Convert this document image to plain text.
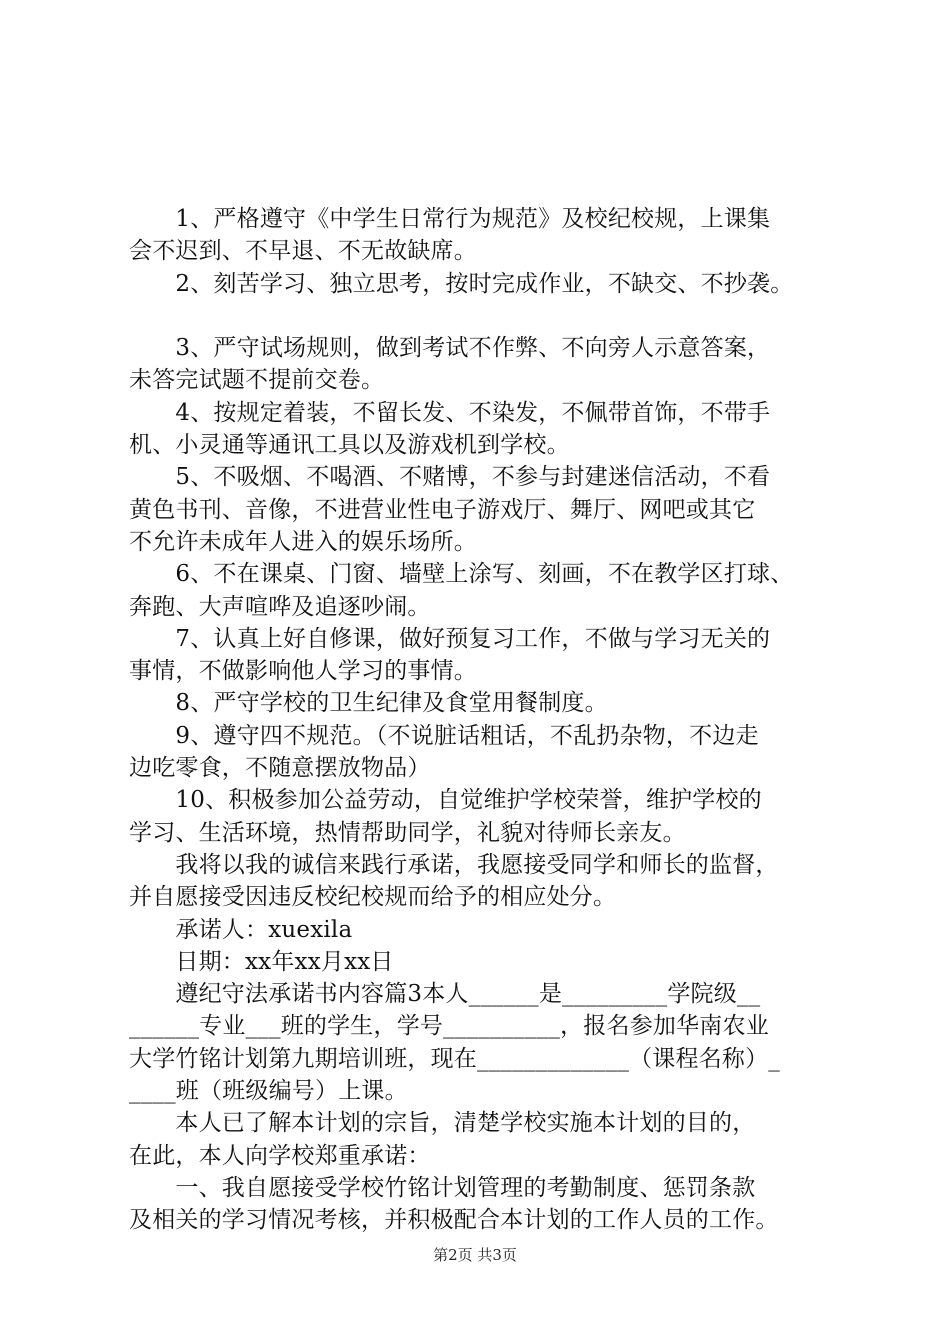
　　1、严格遵守《中学生日常行为规范》及校纪校规，上课集
会不迟到、不早退、不无故缺席。
　　2、刻苦学习、独立思考，按时完成作业，不缺交、不抄袭。
　　3、严守试场规则，做到考试不作弊、不向旁人示意答案，
未答完试题不提前交卷。
　　4、按规定着装，不留长发、不染发，不佩带首饰，不带手
机、小灵通等通讯工具以及游戏机到学校。
　　5、不吸烟、不喝酒、不赌博，不参与封建迷信活动，不看
黄色书刊、音像，不进营业性电子游戏厅、舞厅、网吧或其它
不允许未成年人进入的娱乐场所。
　　6、不在课桌、门窗、墙壁上涂写、刻画，不在教学区打球、
奔跑、大声喧哗及追逐吵闹。
　　7、认真上好自修课，做好预复习工作，不做与学习无关的
事情，不做影响他人学习的事情。
　　8、严守学校的卫生纪律及食堂用餐制度。
　　9、遵守四不规范。（不说脏话粗话，不乱扔杂物，不边走
边吃零食，不随意摆放物品）
　　10、积极参加公益劳动，自觉维护学校荣誉，维护学校的
学习、生活环境，热情帮助同学，礼貌对待师长亲友。
　　我将以我的诚信来践行承诺，我愿接受同学和师长的监督，
并自愿接受因违反校纪校规而给予的相应处分。
　　承诺人：xuexila
　　日期：xx年xx月xx日
　　遵纪守法承诺书内容篇3本人______是_________学院级__
______专业___班的学生，学号__________，报名参加华南农业
大学竹铭计划第九期培训班，现在_____________（课程名称）_
____班（班级编号）上课。
　　本人已了解本计划的宗旨，清楚学校实施本计划的目的，
在此，本人向学校郑重承诺：
　　一、我自愿接受学校竹铭计划管理的考勤制度、惩罚条款
及相关的学习情况考核，并积极配合本计划的工作人员的工作。
第2页 共3页
